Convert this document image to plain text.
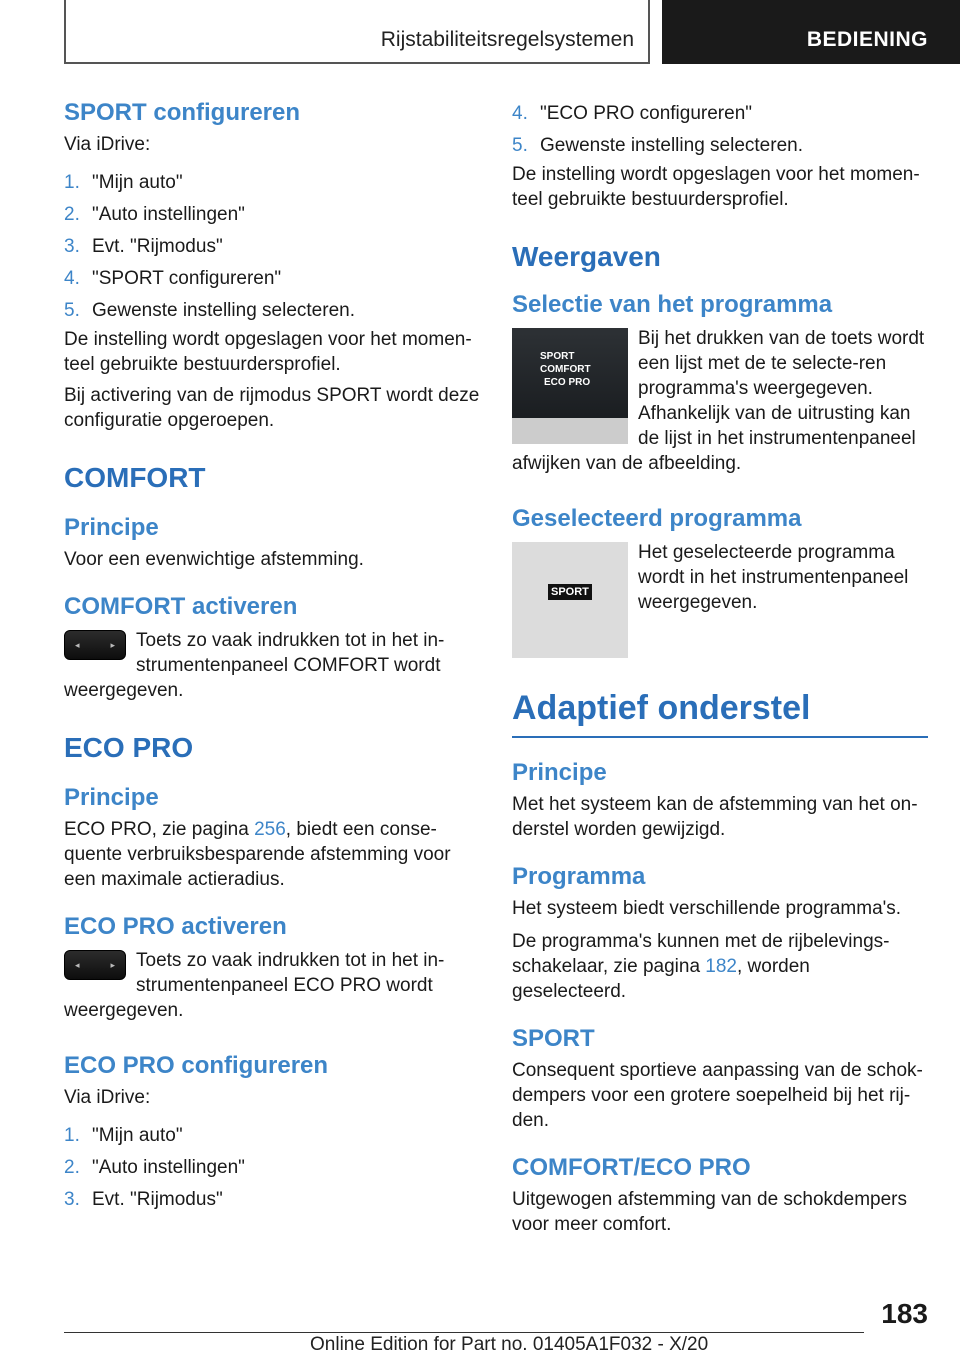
Rijstabiliteitsregelsystemen	BEDIENING
SPORT configureren

Via iDrive:

1. "Mijn auto"
2. "Auto instellingen"
3. Evt. "Rijmodus"
4. "SPORT configureren"
5. Gewenste instelling selecteren.

De instelling wordt opgeslagen voor het momen-teel gebruikte bestuurdersprofiel.

Bij activering van de rijmodus SPORT wordt deze configuratie opgeroepen.

COMFORT
Principe

Voor een evenwichtige afstemming.

COMFORT activeren
◂	▸	Toets zo vaak indrukken tot in het in-strumentenpaneel COMFORT wordt weergegeven.

ECO PRO
Principe

ECO PRO, zie pagina 256, biedt een conse-quente verbruiksbesparende afstemming voor een maximale actieradius.

ECO PRO activeren
◂	▸	Toets zo vaak indrukken tot in het in-strumentenpaneel ECO PRO wordt weergegeven.

ECO PRO configureren

Via iDrive:

1. "Mijn auto"
2. "Auto instellingen"
3. Evt. "Rijmodus"
4. "ECO PRO configureren"
5. Gewenste instelling selecteren.

De instelling wordt opgeslagen voor het momen-teel gebruikte bestuurdersprofiel.

Weergaven
Selectie van het programma
SPORT
COMFORT
ECO PRO

Bij het drukken van de toets wordt een lijst met de te selecte-ren programma's weergegeven. Afhankelijk van de uitrusting kan de lijst in het instrumentenpaneel afwijken van de afbeelding.

Geselecteerd programma
SPORT

Het geselecteerde programma wordt in het instrumentenpaneel weergegeven.

Adaptief onderstel
Principe

Met het systeem kan de afstemming van het on-derstel worden gewijzigd.

Programma

Het systeem biedt verschillende programma's.

De programma's kunnen met de rijbelevings-schakelaar, zie pagina 182, worden geselecteerd.

SPORT

Consequent sportieve aanpassing van de schok-dempers voor een grotere soepelheid bij het rij-den.

COMFORT/ECO PRO

Uitgewogen afstemming van de schokdempers voor meer comfort.

183
Online Edition for Part no. 01405A1F032 - X/20
